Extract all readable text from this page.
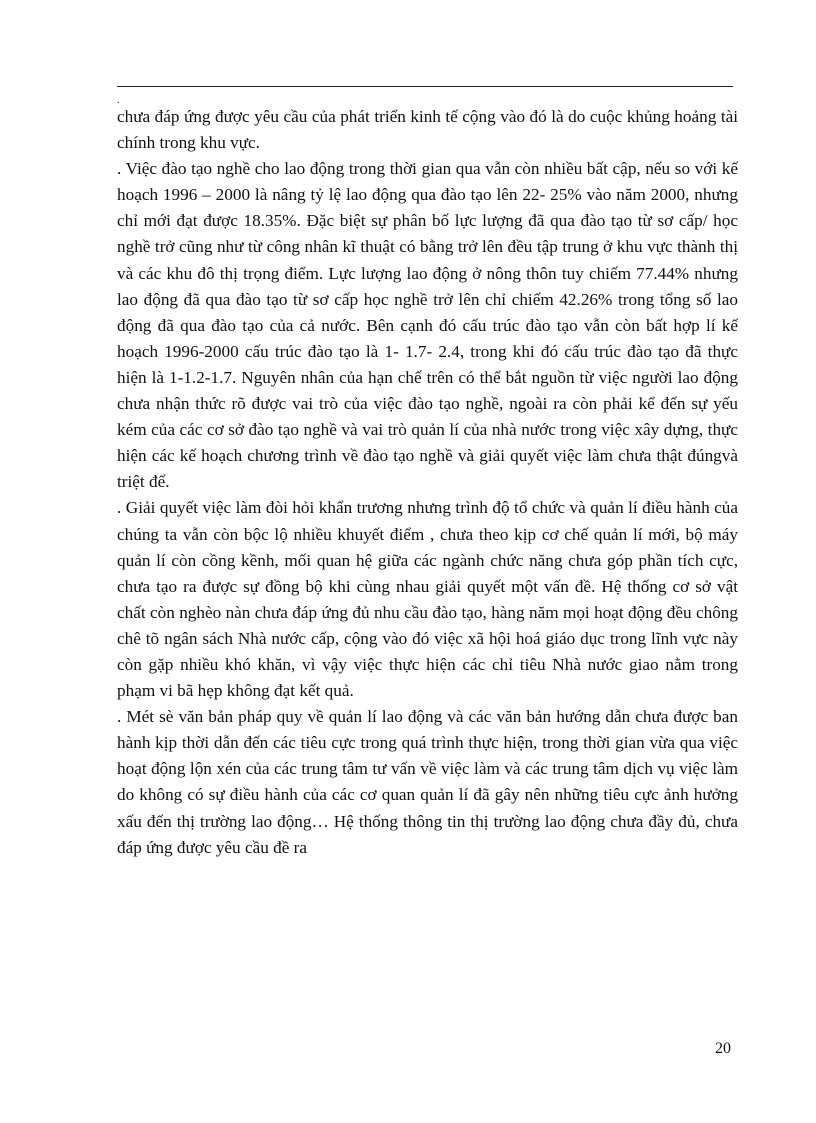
.

chưa đáp ứng được yêu cầu của phát triển kinh tế cộng vào đó là do cuộc khủng hoảng tài chính trong khu vực.

. Việc đào tạo nghề cho lao động trong thời gian qua vẫn còn nhiều bất cập, nếu so với kế hoạch 1996 – 2000 là nâng tỷ lệ lao động qua đào tạo lên 22- 25% vào năm 2000, nhưng chỉ mới đạt được 18.35%. Đặc biệt sự phân bố lực lượng đã qua đào tạo từ sơ cấp/ học nghề trở cũng như từ công nhân kĩ thuật có bằng trở lên đều tập trung ở khu vực thành thị và các khu đô thị trọng điểm. Lực lượng lao động ở nông thôn tuy chiếm 77.44% nhưng lao động đã qua đào tạo từ sơ cấp học nghề trở lên chỉ chiếm 42.26% trong tổng số lao động đã qua đào tạo của cả nước. Bên cạnh đó cấu trúc đào tạo vẫn còn bất hợp lí kế hoạch 1996-2000 cấu trúc đào tạo là 1- 1.7- 2.4, trong khi đó cấu trúc đào tạo đã thực hiện là 1-1.2-1.7. Nguyên nhân của hạn chế trên có thể bắt nguồn từ việc người lao động chưa nhận thức rõ được vai trò của việc đào tạo nghề, ngoài ra còn phải kể đến sự yếu kém của các cơ sở đào tạo nghề và vai trò quản lí của nhà nước trong việc xây dựng, thực hiện các kế hoạch chương trình về đào tạo nghề và giải quyết việc làm chưa thật đúngvà triệt để.

. Giải quyết việc làm đòi hỏi khẩn trương nhưng trình độ tổ chức và quản lí điều hành của chúng ta vẫn còn bộc lộ nhiều khuyết điểm , chưa theo kịp cơ chế quản lí mới, bộ máy quản lí còn cồng kềnh, mối quan hệ giữa các ngành chức năng chưa góp phần tích cực, chưa tạo ra được sự đồng bộ khi cùng nhau giải quyết một vấn đề. Hệ thống cơ sở vật chất còn nghèo nàn chưa đáp ứng đủ nhu cầu đào tạo, hàng năm mọi hoạt động đều chông chê tõ ngân sách Nhà nước cấp, cộng vào đó việc xã hội hoá giáo dục trong lĩnh vực này còn gặp nhiều khó khăn, vì vậy việc thực hiện các chỉ tiêu Nhà nước giao nằm trong phạm vi bã hẹp không đạt kết quả.

. Mét sè văn bản pháp quy về quản lí lao động và các văn bản hướng dẫn chưa được ban hành kịp thời dẫn đến các tiêu cực trong quá trình thực hiện, trong thời gian vừa qua việc hoạt động lộn xén của các trung tâm tư vấn về việc làm và các trung tâm dịch vụ việc làm do không có sự điều hành của các cơ quan quản lí đã gây nên những tiêu cực ảnh hưởng xấu đến thị trường lao động… Hệ thống thông tin thị trường lao động chưa đầy đủ, chưa đáp ứng được yêu cầu đề ra

20
